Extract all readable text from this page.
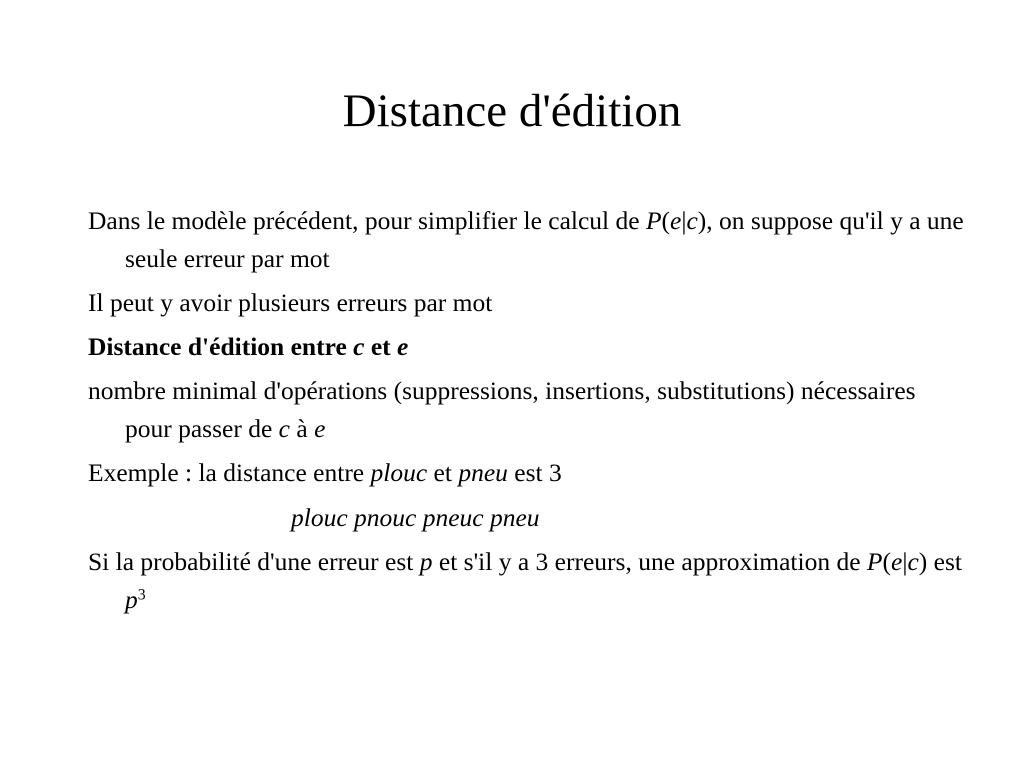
Distance d'édition

Dans le modèle précédent, pour simplifier le calcul de P(e|c), on suppose qu'il y a une seule erreur par mot

Il peut y avoir plusieurs erreurs par mot

Distance d'édition entre c et e

nombre minimal d'opérations (suppressions, insertions, substitutions) nécessaires pour passer de c à e

Exemple : la distance entre plouc et pneu est 3

plouc pnouc pneuc pneu

Si la probabilité d'une erreur est p et s'il y a 3 erreurs, une approximation de P(e|c) est $p^3$
